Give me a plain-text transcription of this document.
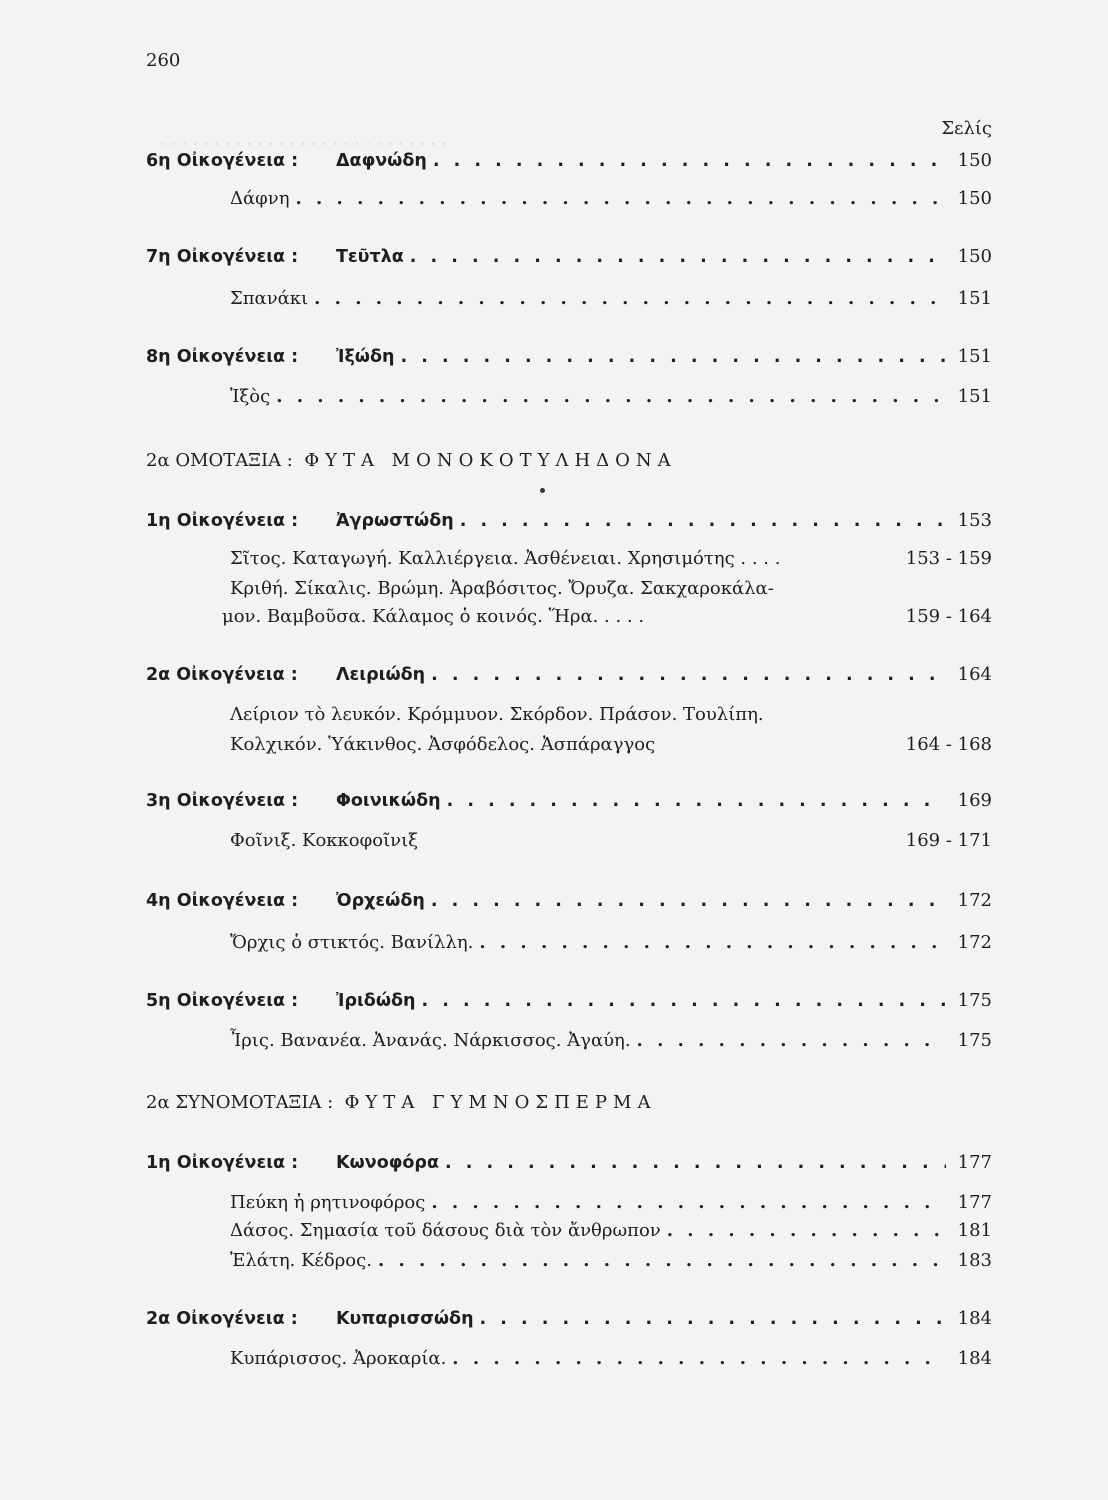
. . . . . . . . . . . . . . . . . . . . . . . . . . .
260
Σελίς
6η Οἰκογένεια :	Δαφνώδη . . .	150
Δάφνη . . .	150
7η Οἰκογένεια :	Τεῦτλα . . .	150
Σπανάκι . . .	151
8η Οἰκογένεια :	Ἰξώδη . . .	151
Ἰξὸς . . .	151
2α ΟΜΟΤΑΞΙΑ : ΦΥΤΑ ΜΟΝΟΚΟΤΥΛΗΔΟΝΑ
1η Οἰκογένεια :	Ἀγρωστώδη . . .	153
Σῖτος. Καταγωγή. Καλλιέργεια. Ἀσθένειαι. Χρησιμότης . . . .	153 - 159
Κριθή. Σίκαλις. Βρώμη. Ἀραβόσιτος. Ὄρυζα. Σακχαροκάλα-
μον. Βαμβοῦσα. Κάλαμος ὁ κοινός. Ἥρα. . . . .	159 - 164
2α Οἰκογένεια :	Λειριώδη . . .	164
Λείριον τὸ λευκόν. Κρόμμυον. Σκόρδον. Πράσον. Τουλίπη.
Κολχικόν. Ὑάκινθος. Ἀσφόδελος. Ἀσπάραγγος	164 - 168
3η Οἰκογένεια :	Φοινικώδη . . .	169
Φοῖνιξ. Κοκκοφοῖνιξ	169 - 171
4η Οἰκογένεια :	Ὀρχεώδη . . .	172
Ὄρχις ὁ στικτός. Βανίλλη. . . .	172
5η Οἰκογένεια :	Ἰριδώδη . . .	175
Ἶρις. Βανανέα. Ἀνανάς. Νάρκισσος. Ἀγαύη. . . .	175
2α ΣΥΝΟΜΟΤΑΞΙΑ : ΦΥΤΑ ΓΥΜΝΟΣΠΕΡΜΑ
1η Οἰκογένεια :	Κωνοφόρα . . .	177
Πεύκη ἡ ρητινοφόρος . . .	177
Δάσος. Σημασία τοῦ δάσους διὰ τὸν ἄνθρωπον . . .	181
Ἐλάτη. Κέδρος. . . .	183
2α Οἰκογένεια :	Κυπαρισσώδη . . .	184
Κυπάρισσος. Ἀροκαρία. . . .	184
